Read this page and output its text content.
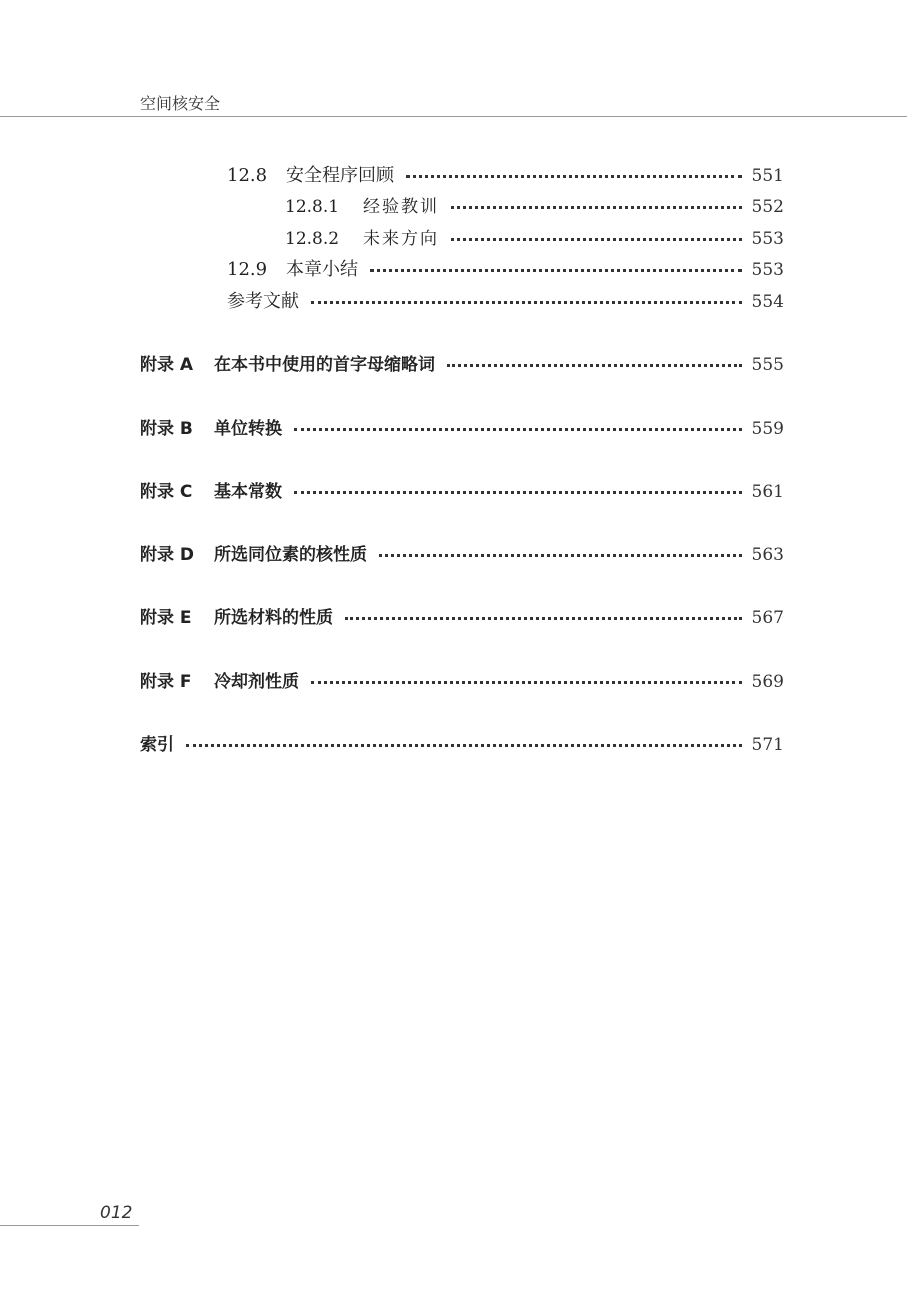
空间核安全
12.8	安全程序回顾	551
12.8.1	经验教训	552
12.8.2	未来方向	553
12.9	本章小结	553
参考文献	554
附录 A	在本书中使用的首字母缩略词	555
附录 B	单位转换	559
附录 C	基本常数	561
附录 D	所选同位素的核性质	563
附录 E	所选材料的性质	567
附录 F	冷却剂性质	569
索引	571
012
